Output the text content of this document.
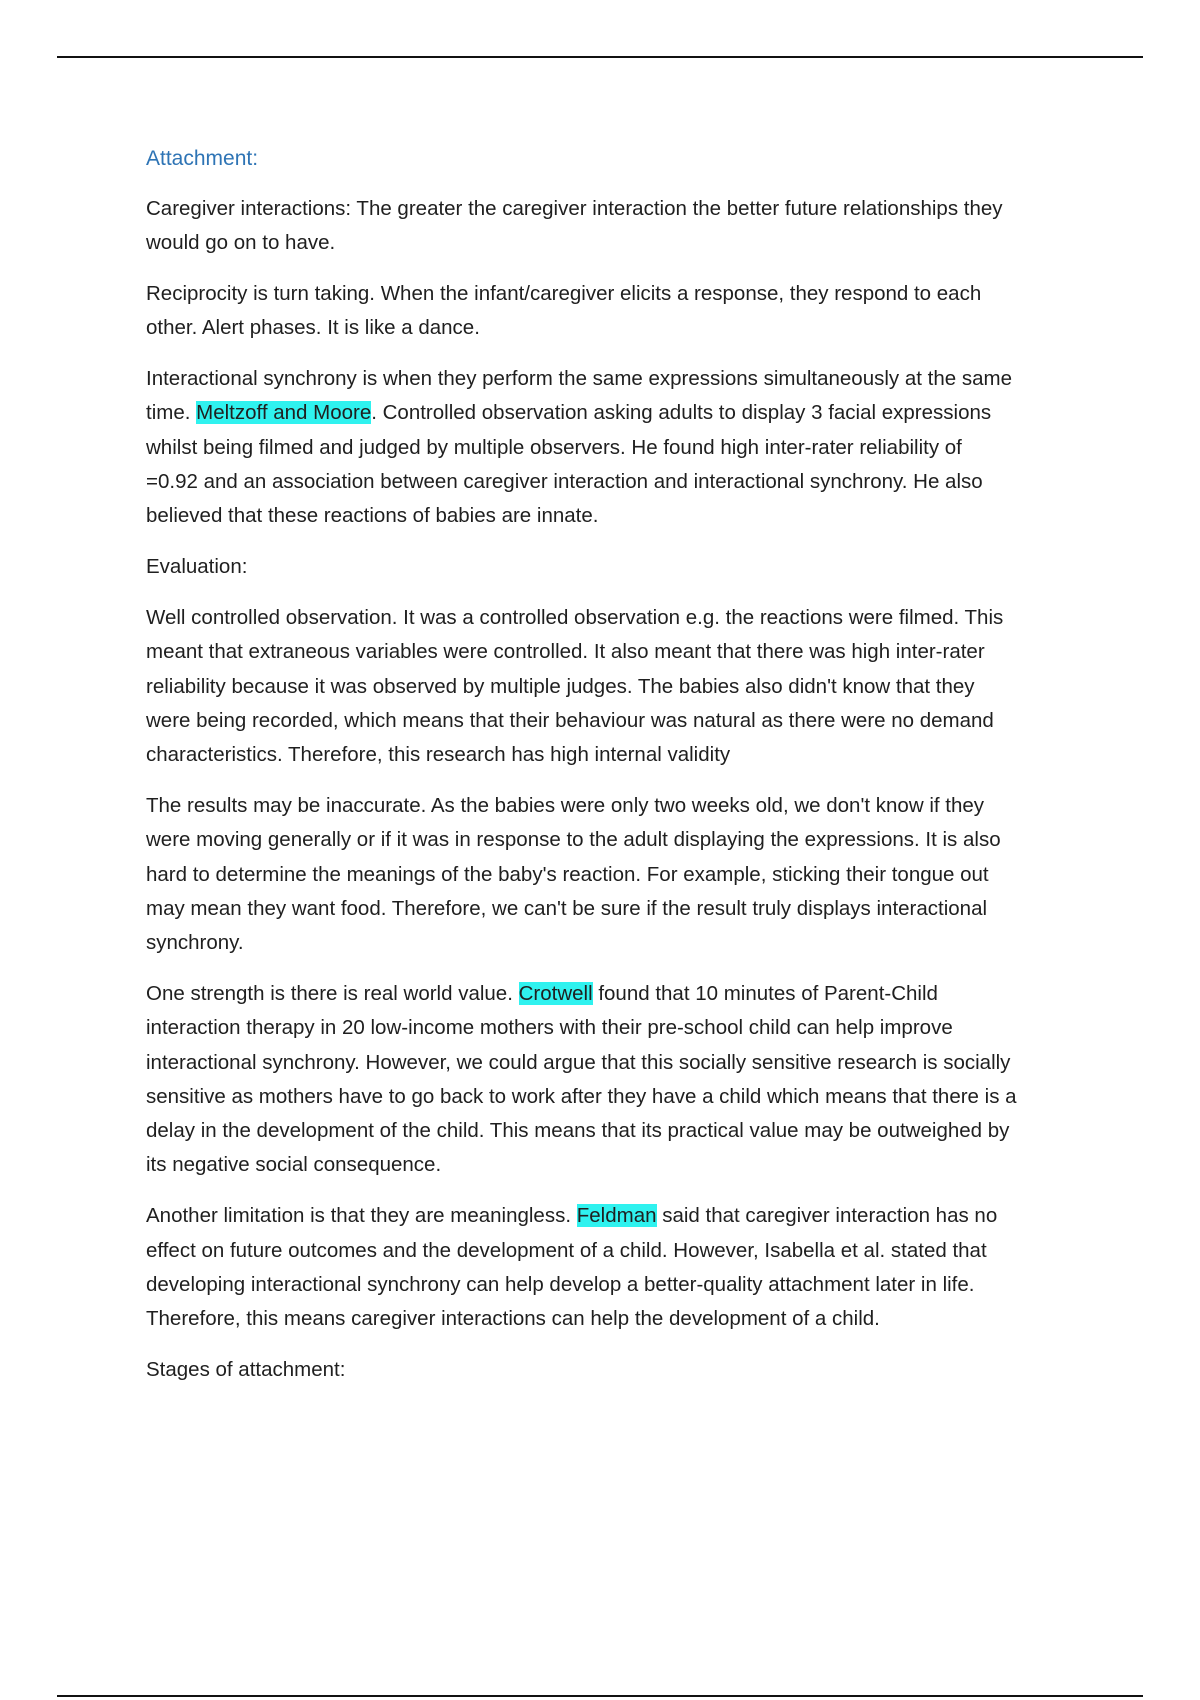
Attachment:

Caregiver interactions: The greater the caregiver interaction the better future relationships they
would go on to have.

Reciprocity is turn taking. When the infant/caregiver elicits a response, they respond to each
other. Alert phases. It is like a dance.

Interactional synchrony is when they perform the same expressions simultaneously at the same
time. Meltzoff and Moore. Controlled observation asking adults to display 3 facial expressions
whilst being filmed and judged by multiple observers. He found high inter-rater reliability of
=0.92 and an association between caregiver interaction and interactional synchrony. He also
believed that these reactions of babies are innate.

Evaluation:

Well controlled observation. It was a controlled observation e.g. the reactions were filmed. This
meant that extraneous variables were controlled. It also meant that there was high inter-rater
reliability because it was observed by multiple judges. The babies also didn't know that they
were being recorded, which means that their behaviour was natural as there were no demand
characteristics. Therefore, this research has high internal validity

The results may be inaccurate. As the babies were only two weeks old, we don't know if they
were moving generally or if it was in response to the adult displaying the expressions. It is also
hard to determine the meanings of the baby's reaction. For example, sticking their tongue out
may mean they want food. Therefore, we can't be sure if the result truly displays interactional
synchrony.

One strength is there is real world value. Crotwell found that 10 minutes of Parent-Child
interaction therapy in 20 low-income mothers with their pre-school child can help improve
interactional synchrony. However, we could argue that this socially sensitive research is socially
sensitive as mothers have to go back to work after they have a child which means that there is a
delay in the development of the child. This means that its practical value may be outweighed by
its negative social consequence.

Another limitation is that they are meaningless. Feldman said that caregiver interaction has no
effect on future outcomes and the development of a child. However, Isabella et al. stated that
developing interactional synchrony can help develop a better-quality attachment later in life.
Therefore, this means caregiver interactions can help the development of a child.

Stages of attachment:
